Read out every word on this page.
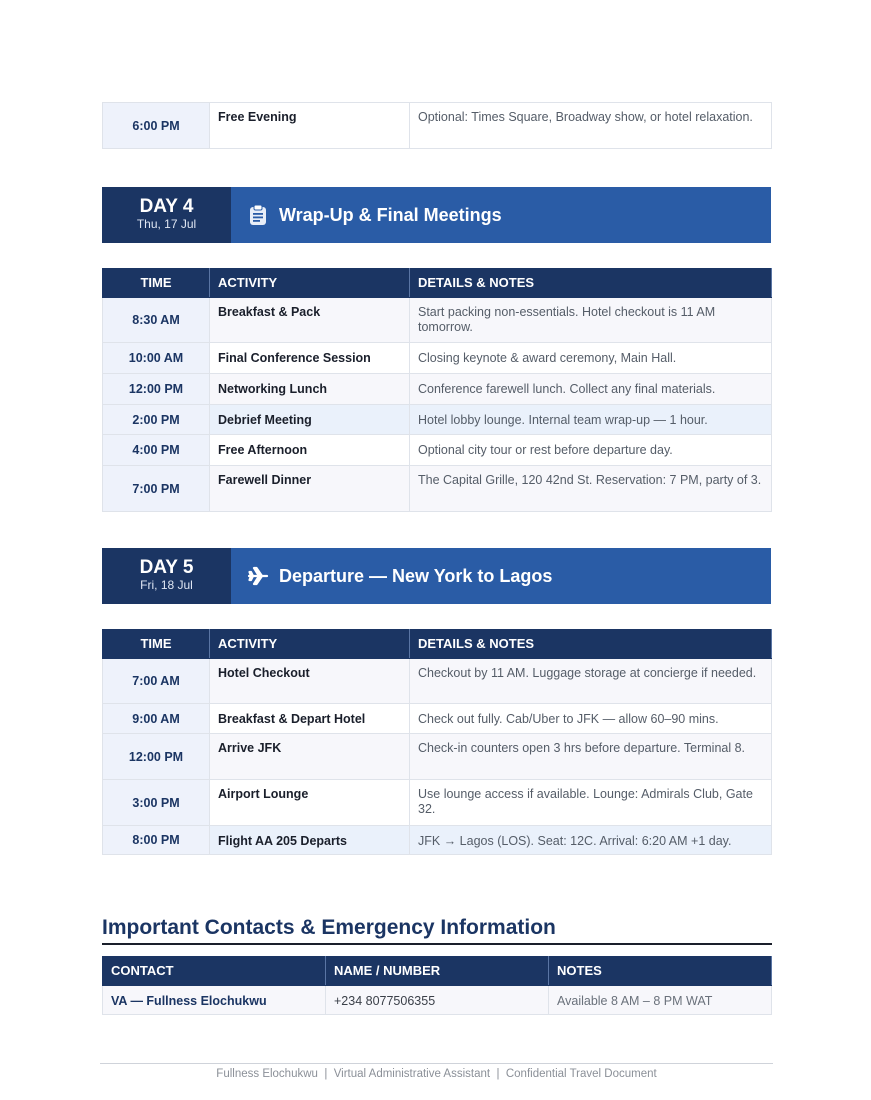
6:00 PM	Free Evening	Optional: Times Square, Broadway show, or hotel relaxation.
DAY 4
Thu, 17 Jul	Wrap-Up & Final Meetings
TIME	ACTIVITY	DETAILS & NOTES
8:30 AM	Breakfast & Pack	Start packing non-essentials. Hotel checkout is 11 AM tomorrow.
10:00 AM	Final Conference Session	Closing keynote & award ceremony, Main Hall.
12:00 PM	Networking Lunch	Conference farewell lunch. Collect any final materials.
2:00 PM	Debrief Meeting	Hotel lobby lounge. Internal team wrap-up — 1 hour.
4:00 PM	Free Afternoon	Optional city tour or rest before departure day.
7:00 PM	Farewell Dinner	The Capital Grille, 120 42nd St. Reservation: 7 PM, party of 3.
DAY 5
Fri, 18 Jul	Departure — New York to Lagos
TIME	ACTIVITY	DETAILS & NOTES
7:00 AM	Hotel Checkout	Checkout by 11 AM. Luggage storage at concierge if needed.
9:00 AM	Breakfast & Depart Hotel	Check out fully. Cab/Uber to JFK — allow 60–90 mins.
12:00 PM	Arrive JFK	Check-in counters open 3 hrs before departure. Terminal 8.
3:00 PM	Airport Lounge	Use lounge access if available. Lounge: Admirals Club, Gate 32.
8:00 PM	Flight AA 205 Departs	JFK → Lagos (LOS). Seat: 12C. Arrival: 6:20 AM +1 day.
Important Contacts & Emergency Information
CONTACT	NAME / NUMBER	NOTES
VA — Fullness Elochukwu	+234 8077506355	Available 8 AM – 8 PM WAT
Fullness Elochukwu  |  Virtual Administrative Assistant  |  Confidential Travel Document
